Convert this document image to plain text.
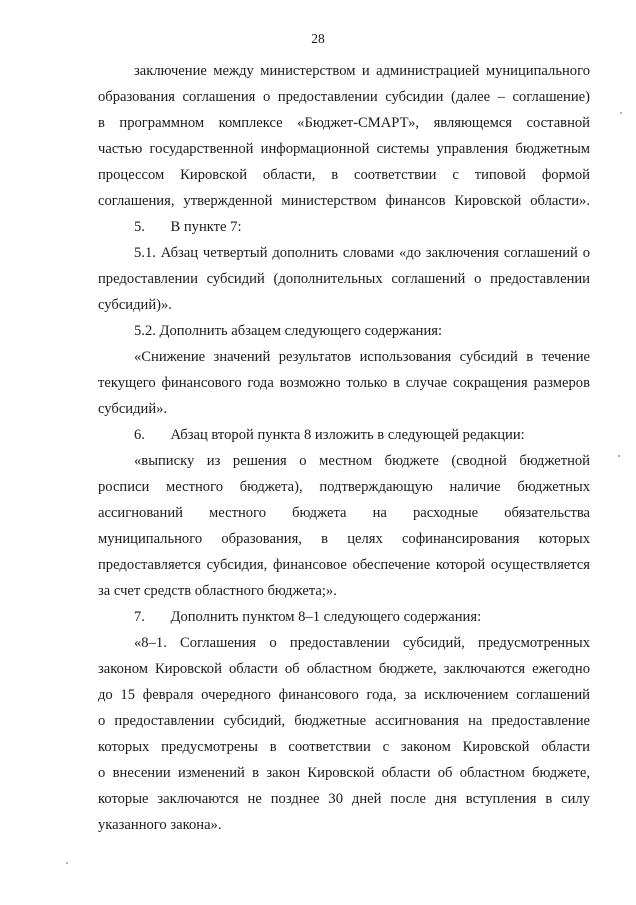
28
заключение между министерством и администрацией муниципального
образования соглашения о предоставлении субсидии (далее – соглашение)
в программном комплексе «Бюджет-СМАРТ», являющемся составной
частью государственной информационной системы управления бюджетным
процессом Кировской области, в соответствии с типовой формой
соглашения, утвержденной министерством финансов Кировской области».
5.       В пункте 7:
5.1. Абзац четвертый дополнить словами «до заключения соглашений о
предоставлении субсидий (дополнительных соглашений о предоставлении
субсидий)».
5.2. Дополнить абзацем следующего содержания:
«Снижение значений результатов использования субсидий в течение
текущего финансового года возможно только в случае сокращения размеров
субсидий».
6.       Абзац второй пункта 8 изложить в следующей редакции:
«выписку из решения о местном бюджете (сводной бюджетной
росписи местного бюджета), подтверждающую наличие бюджетных
ассигнований местного бюджета на расходные обязательства
муниципального образования, в целях софинансирования которых
предоставляется субсидия, финансовое обеспечение которой осуществляется
за счет средств областного бюджета;».
7.       Дополнить пунктом 8–1 следующего содержания:
«8–1. Соглашения о предоставлении субсидий, предусмотренных
законом Кировской области об областном бюджете, заключаются ежегодно
до 15 февраля очередного финансового года, за исключением соглашений
о предоставлении субсидий, бюджетные ассигнования на предоставление
которых предусмотрены в соответствии с законом Кировской области
о внесении изменений в закон Кировской области об областном бюджете,
которые заключаются не позднее 30 дней после дня вступления в силу
указанного закона».
